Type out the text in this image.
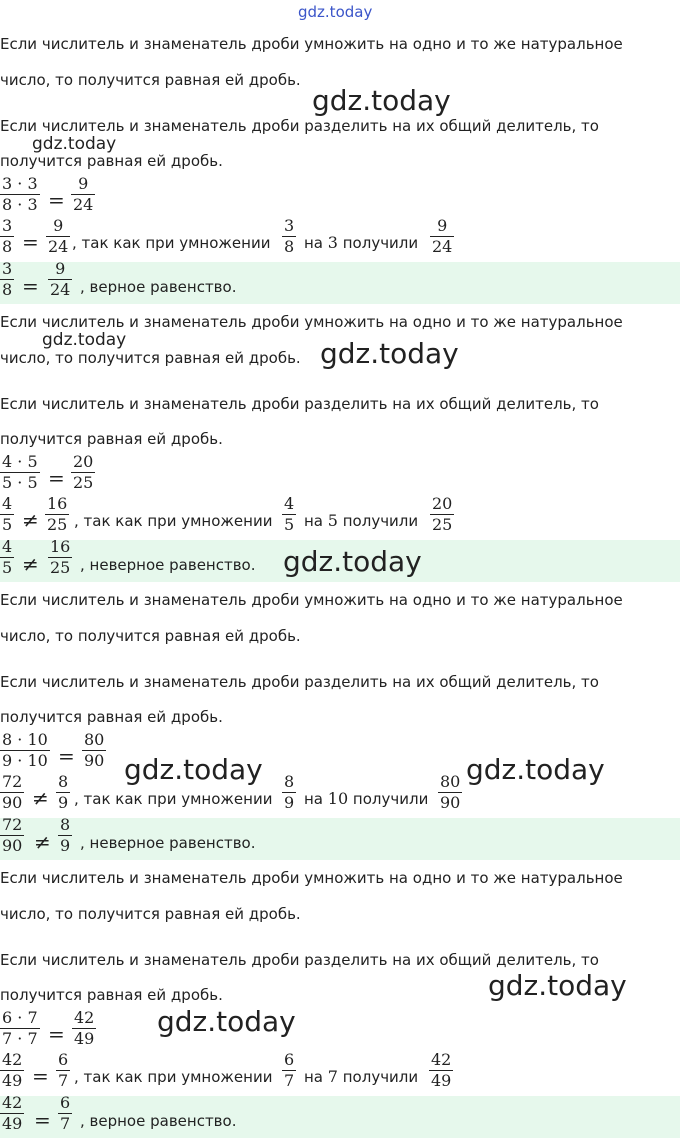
gdz.today
Если числитель и знаменатель дроби умножить на одно и то же натуральное
число, то получится равная ей дробь.
Если числитель и знаменатель дроби разделить на их общий делитель, то
получится равная ей дробь.
3 · 3
8 · 3 =
9
24
3
8 =
9
24 , так как при умножении
3
8 на 3 получили
9
24
3
8 =
9
24 , верное равенство.
Если числитель и знаменатель дроби умножить на одно и то же натуральное
число, то получится равная ей дробь.
Если числитель и знаменатель дроби разделить на их общий делитель, то
получится равная ей дробь.
4 · 5
5 · 5 =
20
25
4
5 ≠
16
25 , так как при умножении
4
5 на 5 получили
20
25
4
5 ≠
16
25 , неверное равенство.
Если числитель и знаменатель дроби умножить на одно и то же натуральное
число, то получится равная ей дробь.
Если числитель и знаменатель дроби разделить на их общий делитель, то
получится равная ей дробь.
8 · 10
9 · 10 =
80
90
72
90 ≠
8
9 , так как при умножении
8
9 на 10 получили
80
90
72
90 ≠
8
9 , неверное равенство.
Если числитель и знаменатель дроби умножить на одно и то же натуральное
число, то получится равная ей дробь.
Если числитель и знаменатель дроби разделить на их общий делитель, то
получится равная ей дробь.
6 · 7
7 · 7 =
42
49
42
49 =
6
7 , так как при умножении
6
7 на 7 получили
42
49
42
49 =
6
7 , верное равенство.
gdz.today
gdz.today
gdz.today	gdz.today
gdz.today
gdz.today	gdz.today
gdz.today
gdz.today
